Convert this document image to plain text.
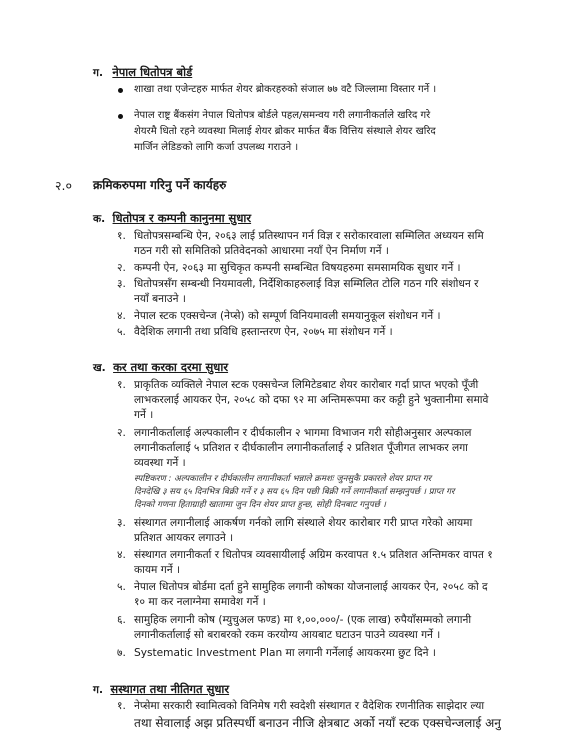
ग. नेपाल धितोपत्र बोर्ड
शाखा तथा एजेन्टहरु मार्फत शेयर ब्रोकरहरुको संजाल ७७ वटै जिल्लामा विस्तार गर्ने ।
नेपाल राष्ट्र बैंकसंग नेपाल धितोपत्र बोर्डले पहल/समन्वय गरी लगानीकर्ताले खरिद गरे
शेयरमै धितो रहने व्यवस्था मिलाई शेयर ब्रोकर मार्फत बैंक वित्तिय संस्थाले शेयर खरिद
मार्जिन लेडिङको लागि कर्जा उपलब्ध गराउने ।
२.० क्रमिकरुपमा गरिनु पर्ने कार्यहरु
क. धितोपत्र र कम्पनी कानुनमा सुधार
१. धितोपत्रसम्बन्धि ऐन, २०६३ लाई प्रतिस्थापन गर्न विज्ञ र सरोकारवाला सम्मिलित अध्ययन समि
गठन गरी सो समितिको प्रतिवेदनको आधारमा नयाँ ऐन निर्माण गर्ने ।
२. कम्पनी ऐन, २०६३ मा सुचिकृत कम्पनी सम्बन्धित विषयहरुमा समसामयिक सुधार गर्ने ।
३. धितोपत्रसँग सम्बन्धी नियमावली, निर्देशिकाहरुलाई विज्ञ सम्मिलित टोलि गठन गरि संशोधन र
नयाँ बनाउने ।
४. नेपाल स्टक एक्सचेन्ज (नेप्से) को सम्पूर्ण विनियमावली समयानुकूल संशोधन गर्ने ।
५. वैदेशिक लगानी तथा प्रविधि हस्तान्तरण ऐन, २०७५ मा संशोधन गर्ने ।
ख. कर तथा करका दरमा सुधार
१. प्राकृतिक व्यक्तिले नेपाल स्टक एक्सचेन्ज लिमिटेडबाट शेयर कारोबार गर्दा प्राप्त भएको पूँजी
लाभकरलाई आयकर ऐन, २०५८ को दफा ९२ मा अन्तिमरूपमा कर कट्टी हुने भुक्तानीमा समावे
गर्ने ।
२. लगानीकर्तालाई अल्पकालीन र दीर्घकालीन २ भागमा विभाजन गरी सोहीअनुसार अल्पकाल
लगानीकर्तालाई ५ प्रतिशत र दीर्घकालीन लगानीकर्तालाई २ प्रतिशत पूँजीगत लाभकर लगा
व्यवस्था गर्ने ।
स्पष्टिकरण : अल्पकालीन र दीर्घकालीन लगानीकर्ता भन्नाले क्रमशः जुनसुकै प्रकारले शेयर प्राप्त गर
दिनदेखि ३ सय ६५ दिनभित्र बिक्री गर्ने र ३ सय ६५ दिन पछी बिक्री गर्ने लगानीकर्ता सम्झनुपर्छ । प्राप्त गर
दिनको गणना हिताग्राही खातामा जुन दिन शेयर प्राप्त हुन्छ, सोही दिनबाट गनुपर्छ ।
३. संस्थागत लगानीलाई आकर्षण गर्नको लागि संस्थाले शेयर कारोबार गरी प्राप्त गरेको आयमा
प्रतिशत आयकर लगाउने ।
४. संस्थागत लगानीकर्ता र धितोपत्र व्यवसायीलाई अग्रिम करवापत १.५ प्रतिशत अन्तिमकर वापत १
कायम गर्ने ।
५. नेपाल धितोपत्र बोर्डमा दर्ता हुने सामुहिक लगानी कोषका योजनालाई आयकर ऐन, २०५८ को द
१० मा कर नलाग्नेमा समावेश गर्ने ।
६. सामुहिक लगानी कोष (म्युचुअल फण्ड) मा १,००,०००/- (एक लाख) रुपैयाँसम्मको लगानी
लगानीकर्तालाई सो बराबरको रकम करयोग्य आयबाट घटाउन पाउने व्यवस्था गर्ने ।
७. Systematic Investment Plan मा लगानी गर्नेलाई आयकरमा छुट दिने ।
ग. सस्थागत तथा नीतिगत सुधार
१. नेप्सेमा सरकारी स्वामित्वको विनिमेष गरी स्वदेशी संस्थागत र वैदेशिक रणनीतिक साझेदार ल्या
तथा सेवालाई अझ प्रतिस्पर्धी बनाउन नीजि क्षेत्रबाट अर्को नयाँ स्टक एक्सचेन्जलाई अनु
